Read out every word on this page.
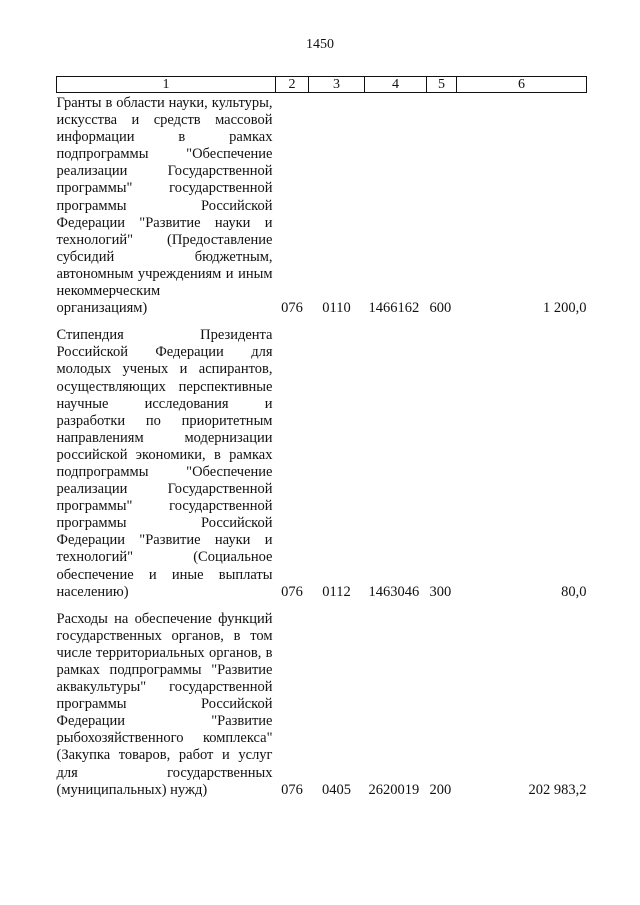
1450
1	2	3	4	5	6
Гранты в области науки, культуры, искусства и средств массовой информации в рамках подпрограммы "Обеспечение реализации Государственной программы" государственной программы Российской Федерации "Развитие науки и технологий" (Предоставление субсидий бюджетным, автономным учреждениям и иным некоммерческим
организациям)	076	0110	1466162	600	1 200,0

Стипендия Президента Российской Федерации для молодых ученых и аспирантов, осуществляющих перспективные научные исследования и разработки по приоритетным направлениям модернизации российской экономики, в рамках подпрограммы "Обеспечение реализации Государственной программы" государственной программы Российской Федерации "Развитие науки и технологий" (Социальное обеспечение и иные выплаты
населению)	076	0112	1463046	300	80,0

Расходы на обеспечение функций государственных органов, в том числе территориальных органов, в рамках подпрограммы "Развитие аквакультуры" государственной программы Российской Федерации "Развитие рыбохозяйственного комплекса" (Закупка товаров, работ и услуг для государственных
(муниципальных) нужд)	076	0405	2620019	200	202 983,2
